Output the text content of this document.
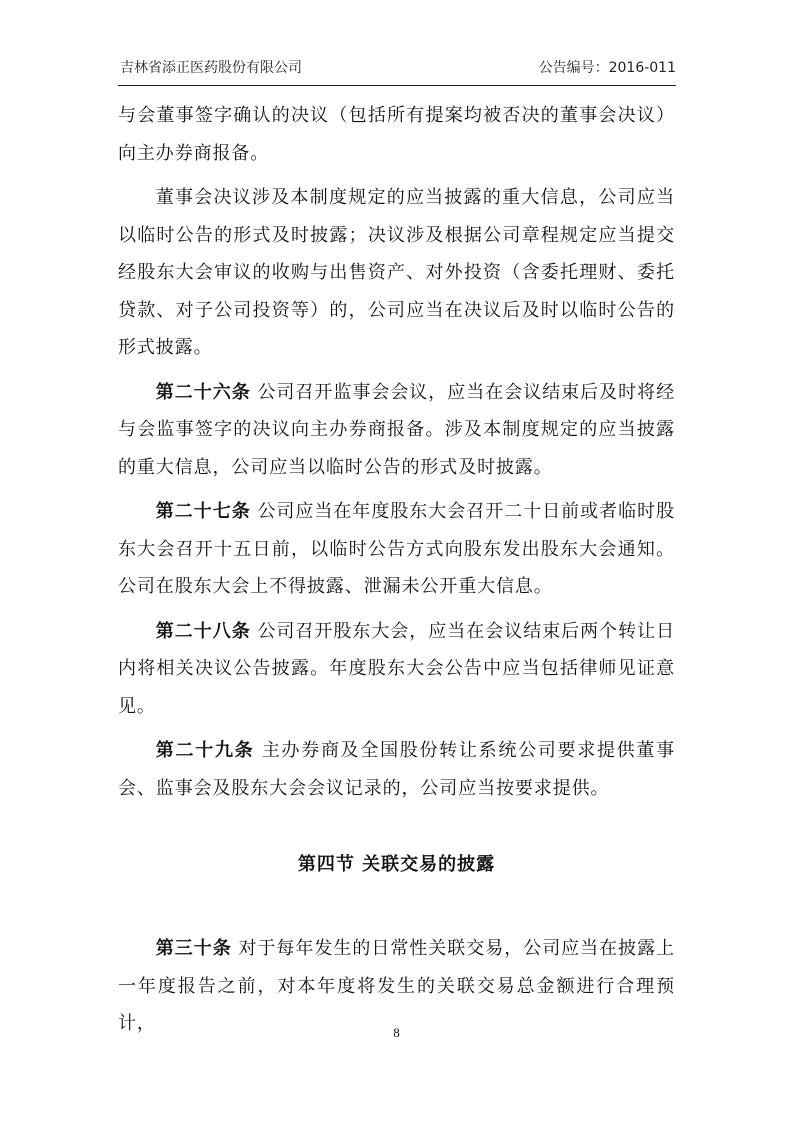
吉林省添正医药股份有限公司	公告编号：2016-011

与会董事签字确认的决议（包括所有提案均被否决的董事会决议）向主办券商报备。

董事会决议涉及本制度规定的应当披露的重大信息，公司应当以临时公告的形式及时披露；决议涉及根据公司章程规定应当提交经股东大会审议的收购与出售资产、对外投资（含委托理财、委托贷款、对子公司投资等）的，公司应当在决议后及时以临时公告的形式披露。

第二十六条 公司召开监事会会议，应当在会议结束后及时将经与会监事签字的决议向主办券商报备。涉及本制度规定的应当披露的重大信息，公司应当以临时公告的形式及时披露。

第二十七条 公司应当在年度股东大会召开二十日前或者临时股东大会召开十五日前，以临时公告方式向股东发出股东大会通知。公司在股东大会上不得披露、泄漏未公开重大信息。

第二十八条 公司召开股东大会，应当在会议结束后两个转让日内将相关决议公告披露。年度股东大会公告中应当包括律师见证意见。

第二十九条 主办券商及全国股份转让系统公司要求提供董事会、监事会及股东大会会议记录的，公司应当按要求提供。

第四节 关联交易的披露

第三十条 对于每年发生的日常性关联交易，公司应当在披露上一年度报告之前，对本年度将发生的关联交易总金额进行合理预计，	8
